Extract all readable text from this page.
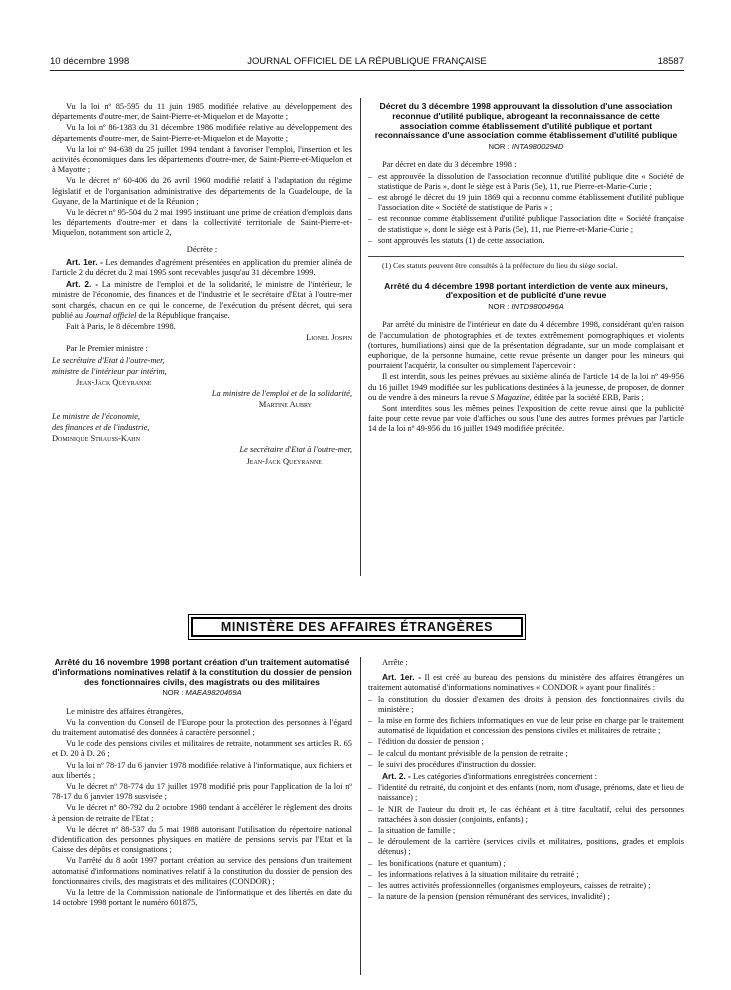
10 décembre 1998	JOURNAL OFFICIEL DE LA RÉPUBLIQUE FRANÇAISE	18587

Vu la loi nº 85-595 du 11 juin 1985 modifiée relative au développement des départements d'outre-mer, de Saint-Pierre-et-Miquelon et de Mayotte ;

Vu la loi nº 86-1383 du 31 décembre 1986 modifiée relative au développement des départements d'outre-mer, de Saint-Pierre-et-Miquelon et de Mayotte ;

Vu la loi nº 94-638 du 25 juillet 1994 tendant à favoriser l'emploi, l'insertion et les activités économiques dans les départements d'outre-mer, de Saint-Pierre-et-Miquelon et à Mayotte ;

Vu le décret nº 60-406 du 26 avril 1960 modifié relatif à l'adaptation du régime législatif et de l'organisation administrative des départements de la Guadeloupe, de la Guyane, de la Martinique et de la Réunion ;

Vu le décret nº 95-504 du 2 mai 1995 instituant une prime de création d'emplois dans les départements d'outre-mer et dans la collectivité territoriale de Saint-Pierre-et-Miquelon, notamment son article 2,

Décrète :

Art. 1er. - Les demandes d'agrément présentées en application du premier alinéa de l'article 2 du décret du 2 mai 1995 sont recevables jusqu'au 31 décembre 1999.

Art. 2. - La ministre de l'emploi et de la solidarité, le ministre de l'intérieur, le ministre de l'économie, des finances et de l'industrie et le secrétaire d'Etat à l'outre-mer sont chargés, chacun en ce qui le concerne, de l'exécution du présent décret, qui sera publié au Journal officiel de la République française.

Fait à Paris, le 8 décembre 1998.

Lionel Jospin

Par le Premier ministre :

Le secrétaire d'Etat à l'outre-mer,

ministre de l'intérieur par intérim,

Jean-Jack Queyranne

La ministre de l'emploi et de la solidarité,

Martine Aubry

Le ministre de l'économie,

des finances et de l'industrie,

Dominique Strauss-Kahn

Le secrétaire d'Etat à l'outre-mer,

Jean-Jack Queyranne

Décret du 3 décembre 1998 approuvant la dissolution d'une association reconnue d'utilité publique, abrogeant la reconnaissance de cette association comme établissement d'utilité publique et portant reconnaissance d'une association comme établissement d'utilité publique
NOR : INTA9800294D

Par décret en date du 3 décembre 1998 :

– est approuvée la dissolution de l'association reconnue d'utilité publique dite « Société de statistique de Paris », dont le siège est à Paris (5e), 11, rue Pierre-et-Marie-Curie ;
– est abrogé le décret du 19 juin 1869 qui a reconnu comme établissement d'utilité publique l'association dite « Société de statistique de Paris » ;
– est reconnue comme établissement d'utilité publique l'association dite « Société française de statistique », dont le siège est à Paris (5e), 11, rue Pierre-et-Marie-Curie ;
– sont approuvés les statuts (1) de cette association.

(1) Ces statuts peuvent être consultés à la préfecture du lieu du siège social.

Arrêté du 4 décembre 1998 portant interdiction de vente aux mineurs, d'exposition et de publicité d'une revue
NOR : INTD9800496A

Par arrêté du ministre de l'intérieur en date du 4 décembre 1998, considérant qu'en raison de l'accumulation de photographies et de textes extrêmement pornographiques et violents (tortures, humiliations) ainsi que de la présentation dégradante, sur un mode complaisant et euphorique, de la personne humaine, cette revue présente un danger pour les mineurs qui pourraient l'acquérir, la consulter ou simplement l'apercevoir :

Il est interdit, sous les peines prévues au sixième alinéa de l'article 14 de la loi nº 49-956 du 16 juillet 1949 modifiée sur les publications destinées à la jeunesse, de proposer, de donner ou de vendre à des mineurs la revue S Magazine, éditée par la société ERB, Paris ;

Sont interdites sous les mêmes peines l'exposition de cette revue ainsi que la publicité faite pour cette revue par voie d'affiches ou sous l'une des autres formes prévues par l'article 14 de la loi nº 49-956 du 16 juillet 1949 modifiée précitée.

MINISTÈRE DES AFFAIRES ÉTRANGÈRES
Arrêté du 16 novembre 1998 portant création d'un traitement automatisé d'informations nominatives relatif à la constitution du dossier de pension des fonctionnaires civils, des magistrats ou des militaires
NOR : MAEA9820469A

Le ministre des affaires étrangères,

Vu la convention du Conseil de l'Europe pour la protection des personnes à l'égard du traitement automatisé des données à caractère personnel ;

Vu le code des pensions civiles et militaires de retraite, notamment ses articles R. 65 et D. 20 à D. 26 ;

Vu la loi nº 78-17 du 6 janvier 1978 modifiée relative à l'informatique, aux fichiers et aux libertés ;

Vu le décret nº 78-774 du 17 juillet 1978 modifié pris pour l'application de la loi nº 78-17 du 6 janvier 1978 susvisée ;

Vu le décret nº 80-792 du 2 octobre 1980 tendant à accélérer le règlement des droits à pension de retraite de l'Etat ;

Vu le décret nº 88-537 du 5 mai 1988 autorisant l'utilisation du répertoire national d'identification des personnes physiques en matière de pensions servis par l'Etat et la Caisse des dépôts et consignations ;

Vu l'arrêté du 8 août 1997 portant création au service des pensions d'un traitement automatisé d'informations nominatives relatif à la constitution du dossier de pension des fonctionnaires civils, des magistrats et des militaires (CONDOR) ;

Vu la lettre de la Commission nationale de l'informatique et des libertés en date du 14 octobre 1998 portant le numéro 601875,

Arrête :

Art. 1er. - Il est créé au bureau des pensions du ministère des affaires étrangères un traitement automatisé d'informations nominatives « CONDOR » ayant pour finalités :

– la constitution du dossier d'examen des droits à pension des fonctionnaires civils du ministère ;
– la mise en forme des fichiers informatiques en vue de leur prise en charge par le traitement automatisé de liquidation et concession des pensions civiles et militaires de retraite ;
– l'édition du dossier de pension ;
– le calcul du montant prévisible de la pension de retraite ;
– le suivi des procédures d'instruction du dossier.

Art. 2. - Les catégories d'informations enregistrées concernent :

– l'identité du retraité, du conjoint et des enfants (nom, nom d'usage, prénoms, date et lieu de naissance) ;
– le NIR de l'auteur du droit et, le cas échéant et à titre facultatif, celui des personnes rattachées à son dossier (conjoints, enfants) ;
– la situation de famille ;
– le déroulement de la carrière (services civils et militaires, positions, grades et emplois détenus) ;
– les bonifications (nature et quantum) ;
– les informations relatives à la situation militaire du retraité ;
– les autres activités professionnelles (organismes employeurs, caisses de retraite) ;
– la nature de la pension (pension rémunérant des services, invalidité) ;
